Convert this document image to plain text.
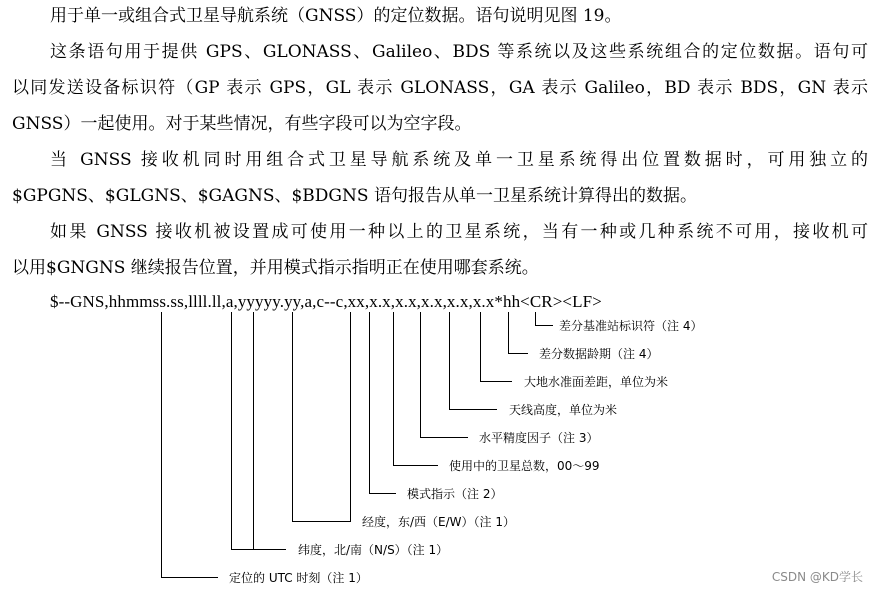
用于单一或组合式卫星导航系统（GNSS）的定位数据。语句说明见图 19。
这条语句用于提供 GPS、GLONASS、Galileo、BDS 等系统以及这些系统组合的定位数据。语句可
以同发送设备标识符（GP 表示 GPS，GL 表示 GLONASS，GA 表示 Galileo，BD 表示 BDS，GN 表示
GNSS）一起使用。对于某些情况，有些字段可以为空字段。
当 GNSS 接收机同时用组合式卫星导航系统及单一卫星系统得出位置数据时，可用独立的
$GPGNS、$GLGNS、$GAGNS、$BDGNS 语句报告从单一卫星系统计算得出的数据。
如果 GNSS 接收机被设置成可使用一种以上的卫星系统，当有一种或几种系统不可用，接收机可
以用$GNGNS 继续报告位置，并用模式指示指明正在使用哪套系统。
$--GNS,hhmmss.ss,llll.ll,a,yyyyy.yy,a,c--c,xx,x.x,x.x,x.x,x.x,x.x*hh<CR><LF>
差分基准站标识符（注 4）
差分数据龄期（注 4）
大地水准面差距，单位为米
天线高度，单位为米
水平精度因子（注 3）
使用中的卫星总数，00～99
模式指示（注 2）
经度，东/西（E/W）（注 1）
纬度，北/南（N/S）（注 1）
定位的 UTC 时刻（注 1）	CSDN @KD学长
